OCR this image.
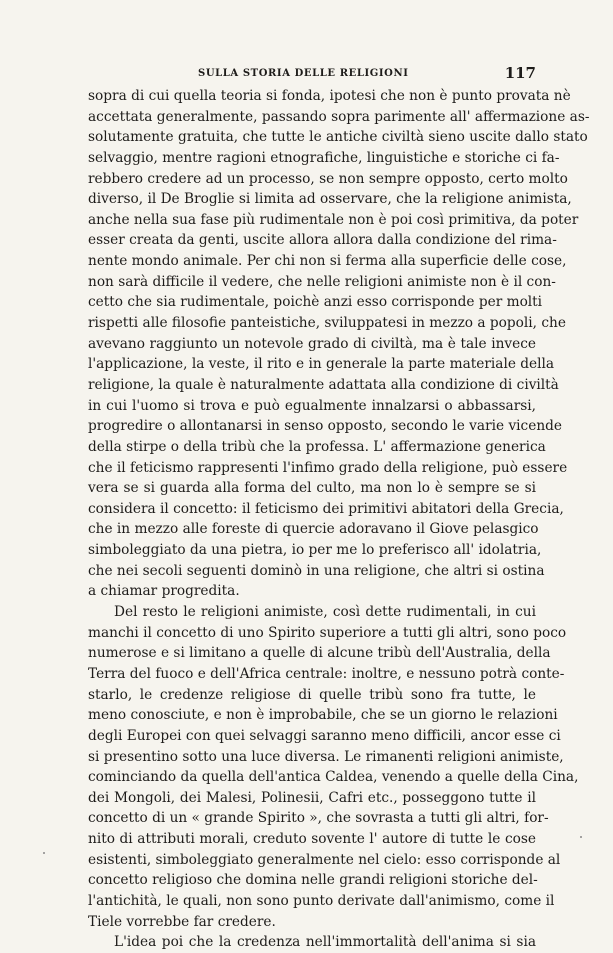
SULLA STORIA DELLE RELIGIONI	117
sopra di cui quella teoria si fonda, ipotesi che non è punto provata nè
accettata generalmente, passando sopra parimente all' affermazione as-
solutamente gratuita, che tutte le antiche civiltà sieno uscite dallo stato
selvaggio, mentre ragioni etnografiche, linguistiche e storiche ci fa-
rebbero credere ad un processo, se non sempre opposto, certo molto
diverso, il De Broglie si limita ad osservare, che la religione animista,
anche nella sua fase più rudimentale non è poi così primitiva, da poter
esser creata da genti, uscite allora allora dalla condizione del rima-
nente mondo animale. Per chi non si ferma alla superficie delle cose,
non sarà difficile il vedere, che nelle religioni animiste non è il con-
cetto che sia rudimentale, poichè anzi esso corrisponde per molti
rispetti alle filosofie panteistiche, sviluppatesi in mezzo a popoli, che
avevano raggiunto un notevole grado di civiltà, ma è tale invece
l'applicazione, la veste, il rito e in generale la parte materiale della
religione, la quale è naturalmente adattata alla condizione di civiltà
in cui l'uomo si trova e può egualmente innalzarsi o abbassarsi,
progredire o allontanarsi in senso opposto, secondo le varie vicende
della stirpe o della tribù che la professa. L' affermazione generica
che il feticismo rappresenti l'infimo grado della religione, può essere
vera se si guarda alla forma del culto, ma non lo è sempre se si
considera il concetto: il feticismo dei primitivi abitatori della Grecia,
che in mezzo alle foreste di quercie adoravano il Giove pelasgico
simboleggiato da una pietra, io per me lo preferisco all' idolatria,
che nei secoli seguenti dominò in una religione, che altri si ostina
a chiamar progredita.
Del resto le religioni animiste, così dette rudimentali, in cui
manchi il concetto di uno Spirito superiore a tutti gli altri, sono poco
numerose e si limitano a quelle di alcune tribù dell'Australia, della
Terra del fuoco e dell'Africa centrale: inoltre, e nessuno potrà conte-
starlo, le credenze religiose di quelle tribù sono fra tutte, le
meno conosciute, e non è improbabile, che se un giorno le relazioni
degli Europei con quei selvaggi saranno meno difficili, ancor esse ci
si presentino sotto una luce diversa. Le rimanenti religioni animiste,
cominciando da quella dell'antica Caldea, venendo a quelle della Cina,
dei Mongoli, dei Malesi, Polinesii, Cafri etc., posseggono tutte il
concetto di un « grande Spirito », che sovrasta a tutti gli altri, for-
nito di attributi morali, creduto sovente l' autore di tutte le cose
esistenti, simboleggiato generalmente nel cielo: esso corrisponde al
concetto religioso che domina nelle grandi religioni storiche del-
l'antichità, le quali, non sono punto derivate dall'animismo, come il
Tiele vorrebbe far credere.
L'idea poi che la credenza nell'immortalità dell'anima si sia
